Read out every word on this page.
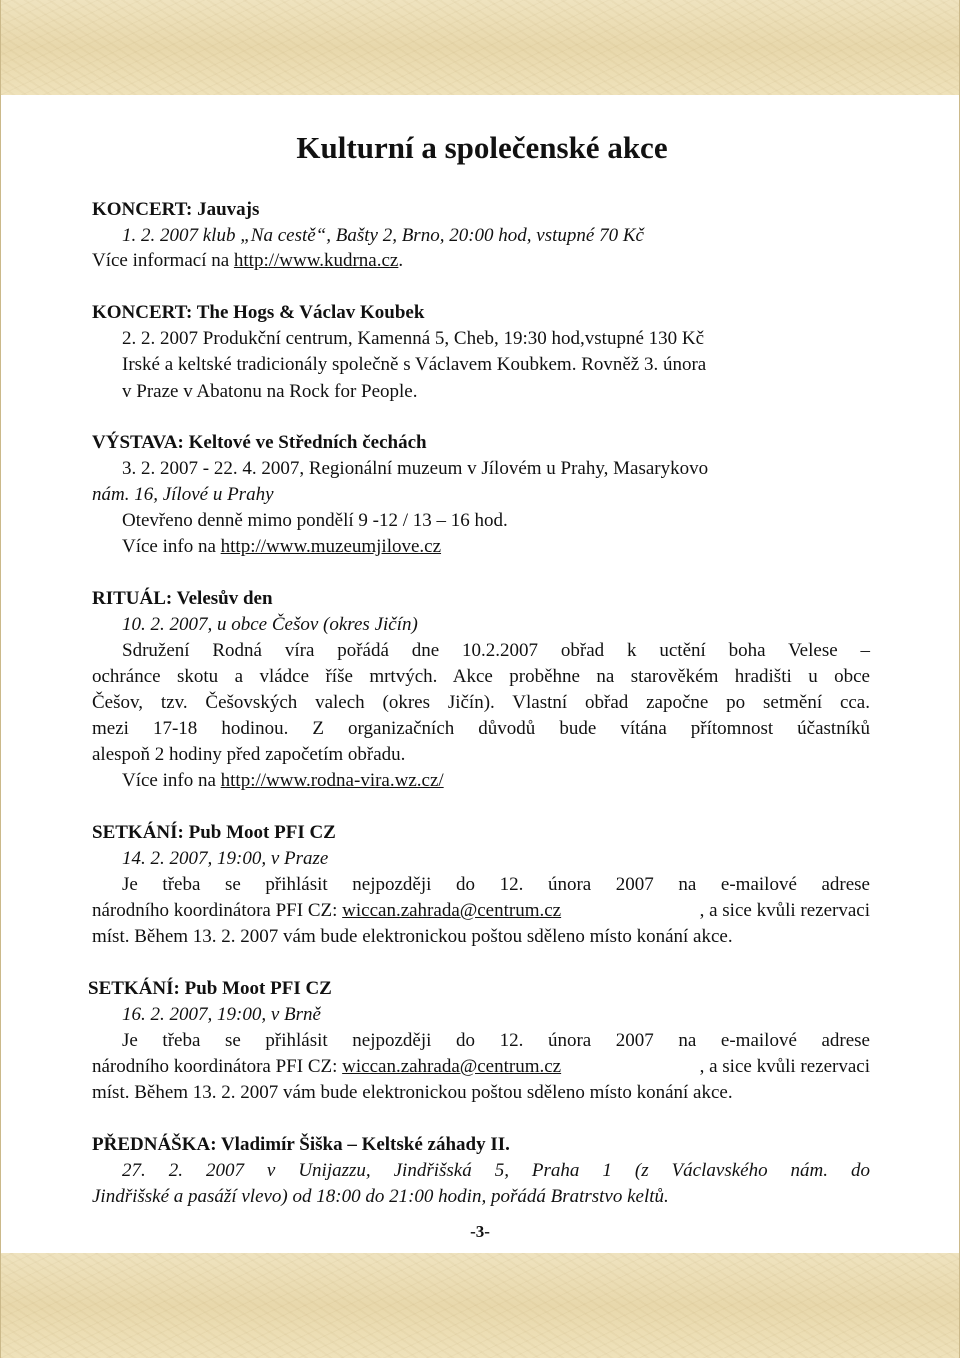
Kulturní a společenské akce
KONCERT: Jauvajs
1. 2. 2007 klub „Na cestě“, Bašty 2, Brno, 20:00 hod, vstupné 70 Kč
Více informací na http://www.kudrna.cz.
KONCERT: The Hogs & Václav Koubek
2. 2. 2007 Produkční centrum, Kamenná 5, Cheb, 19:30 hod,vstupné 130 Kč
Irské a keltské tradicionály společně s Václavem Koubkem. Rovněž 3. února
v Praze v Abatonu na Rock for People.
VÝSTAVA: Keltové ve Středních čechách
3. 2. 2007 - 22. 4. 2007, Regionální muzeum v Jílovém u Prahy, Masarykovo
nám. 16, Jílové u Prahy
Otevřeno denně mimo pondělí 9 -12 / 13 – 16 hod.
Více info na http://www.muzeumjilove.cz
RITUÁL: Velesův den
10. 2. 2007, u obce Češov (okres Jičín)
Sdružení Rodná víra pořádá dne 10.2.2007 obřad k uctění boha Velese –
ochránce skotu a vládce říše mrtvých. Akce proběhne na starověkém hradišti u obce
Češov, tzv. Češovských valech (okres Jičín). Vlastní obřad započne po setmění cca.
mezi 17-18 hodinou. Z organizačních důvodů bude vítána přítomnost účastníků
alespoň 2 hodiny před započetím obřadu.
Více info na http://www.rodna-vira.wz.cz/
SETKÁNÍ: Pub Moot PFI CZ
14. 2. 2007, 19:00, v Praze
Je třeba se přihlásit nejpozději do 12. února 2007 na e-mailové adrese
národního koordinátora PFI CZ: wiccan.zahrada@centrum.cz	, a sice kvůli rezervaci
míst. Během 13. 2. 2007 vám bude elektronickou poštou sděleno místo konání akce.
SETKÁNÍ: Pub Moot PFI CZ
16. 2. 2007, 19:00, v Brně
Je třeba se přihlásit nejpozději do 12. února 2007 na e-mailové adrese
národního koordinátora PFI CZ: wiccan.zahrada@centrum.cz	, a sice kvůli rezervaci
míst. Během 13. 2. 2007 vám bude elektronickou poštou sděleno místo konání akce.
PŘEDNÁŠKA: Vladimír Šiška – Keltské záhady II.
27. 2. 2007 v Unijazzu, Jindřišská 5, Praha 1 (z Václavského nám. do
Jindřišské a pasáží vlevo) od 18:00 do 21:00 hodin, pořádá Bratrstvo keltů.
-3-
